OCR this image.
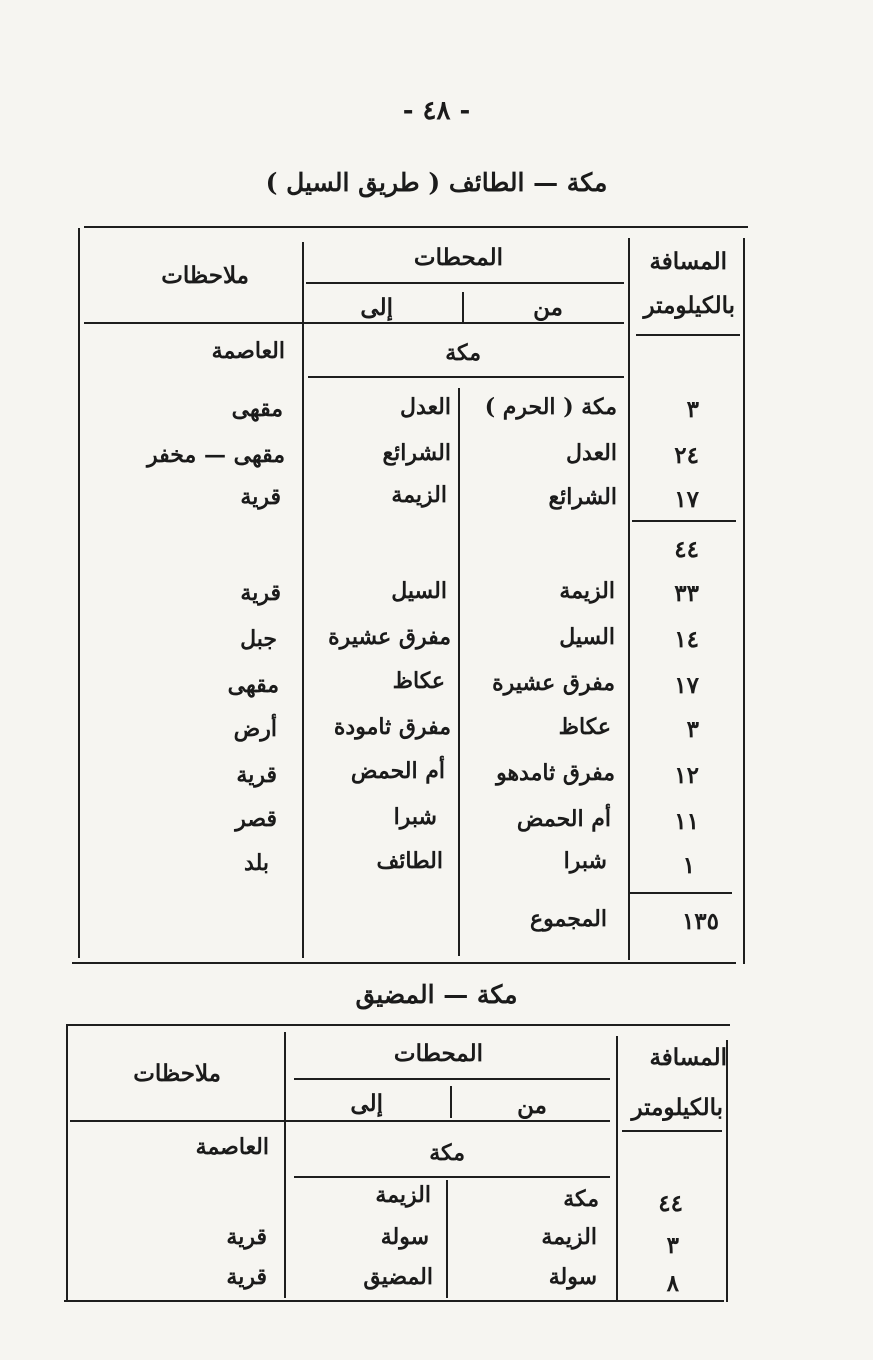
- ٤٨ -
مكة — الطائف ( طريق السيل )
المسافة
بالكيلومتر
المحطات
من
إلى
ملاحظات
مكة
العاصمة
٣
مكة ( الحرم )
العدل
مقهى
٢٤
العدل
الشرائع
مقهى — مخفر
١٧
الشرائع
الزيمة
قرية
٤٤
٣٣
الزيمة
السيل
قرية
١٤
السيل
مفرق عشيرة
جبل
١٧
مفرق عشيرة
عكاظ
مقهى
٣
عكاظ
مفرق ثامودة
أرض
١٢
مفرق ثامدهو
أم الحمض
قرية
١١
أم الحمض
شبرا
قصر
١
شبرا
الطائف
بلد
المجموع	١٣٥
مكة — المضيق
المسافة
بالكيلومتر
المحطات
من
إلى
ملاحظات
مكة
العاصمة
٤٤
مكة
الزيمة
٣
الزيمة
سولة
قرية
٨
سولة
المضيق
قرية
